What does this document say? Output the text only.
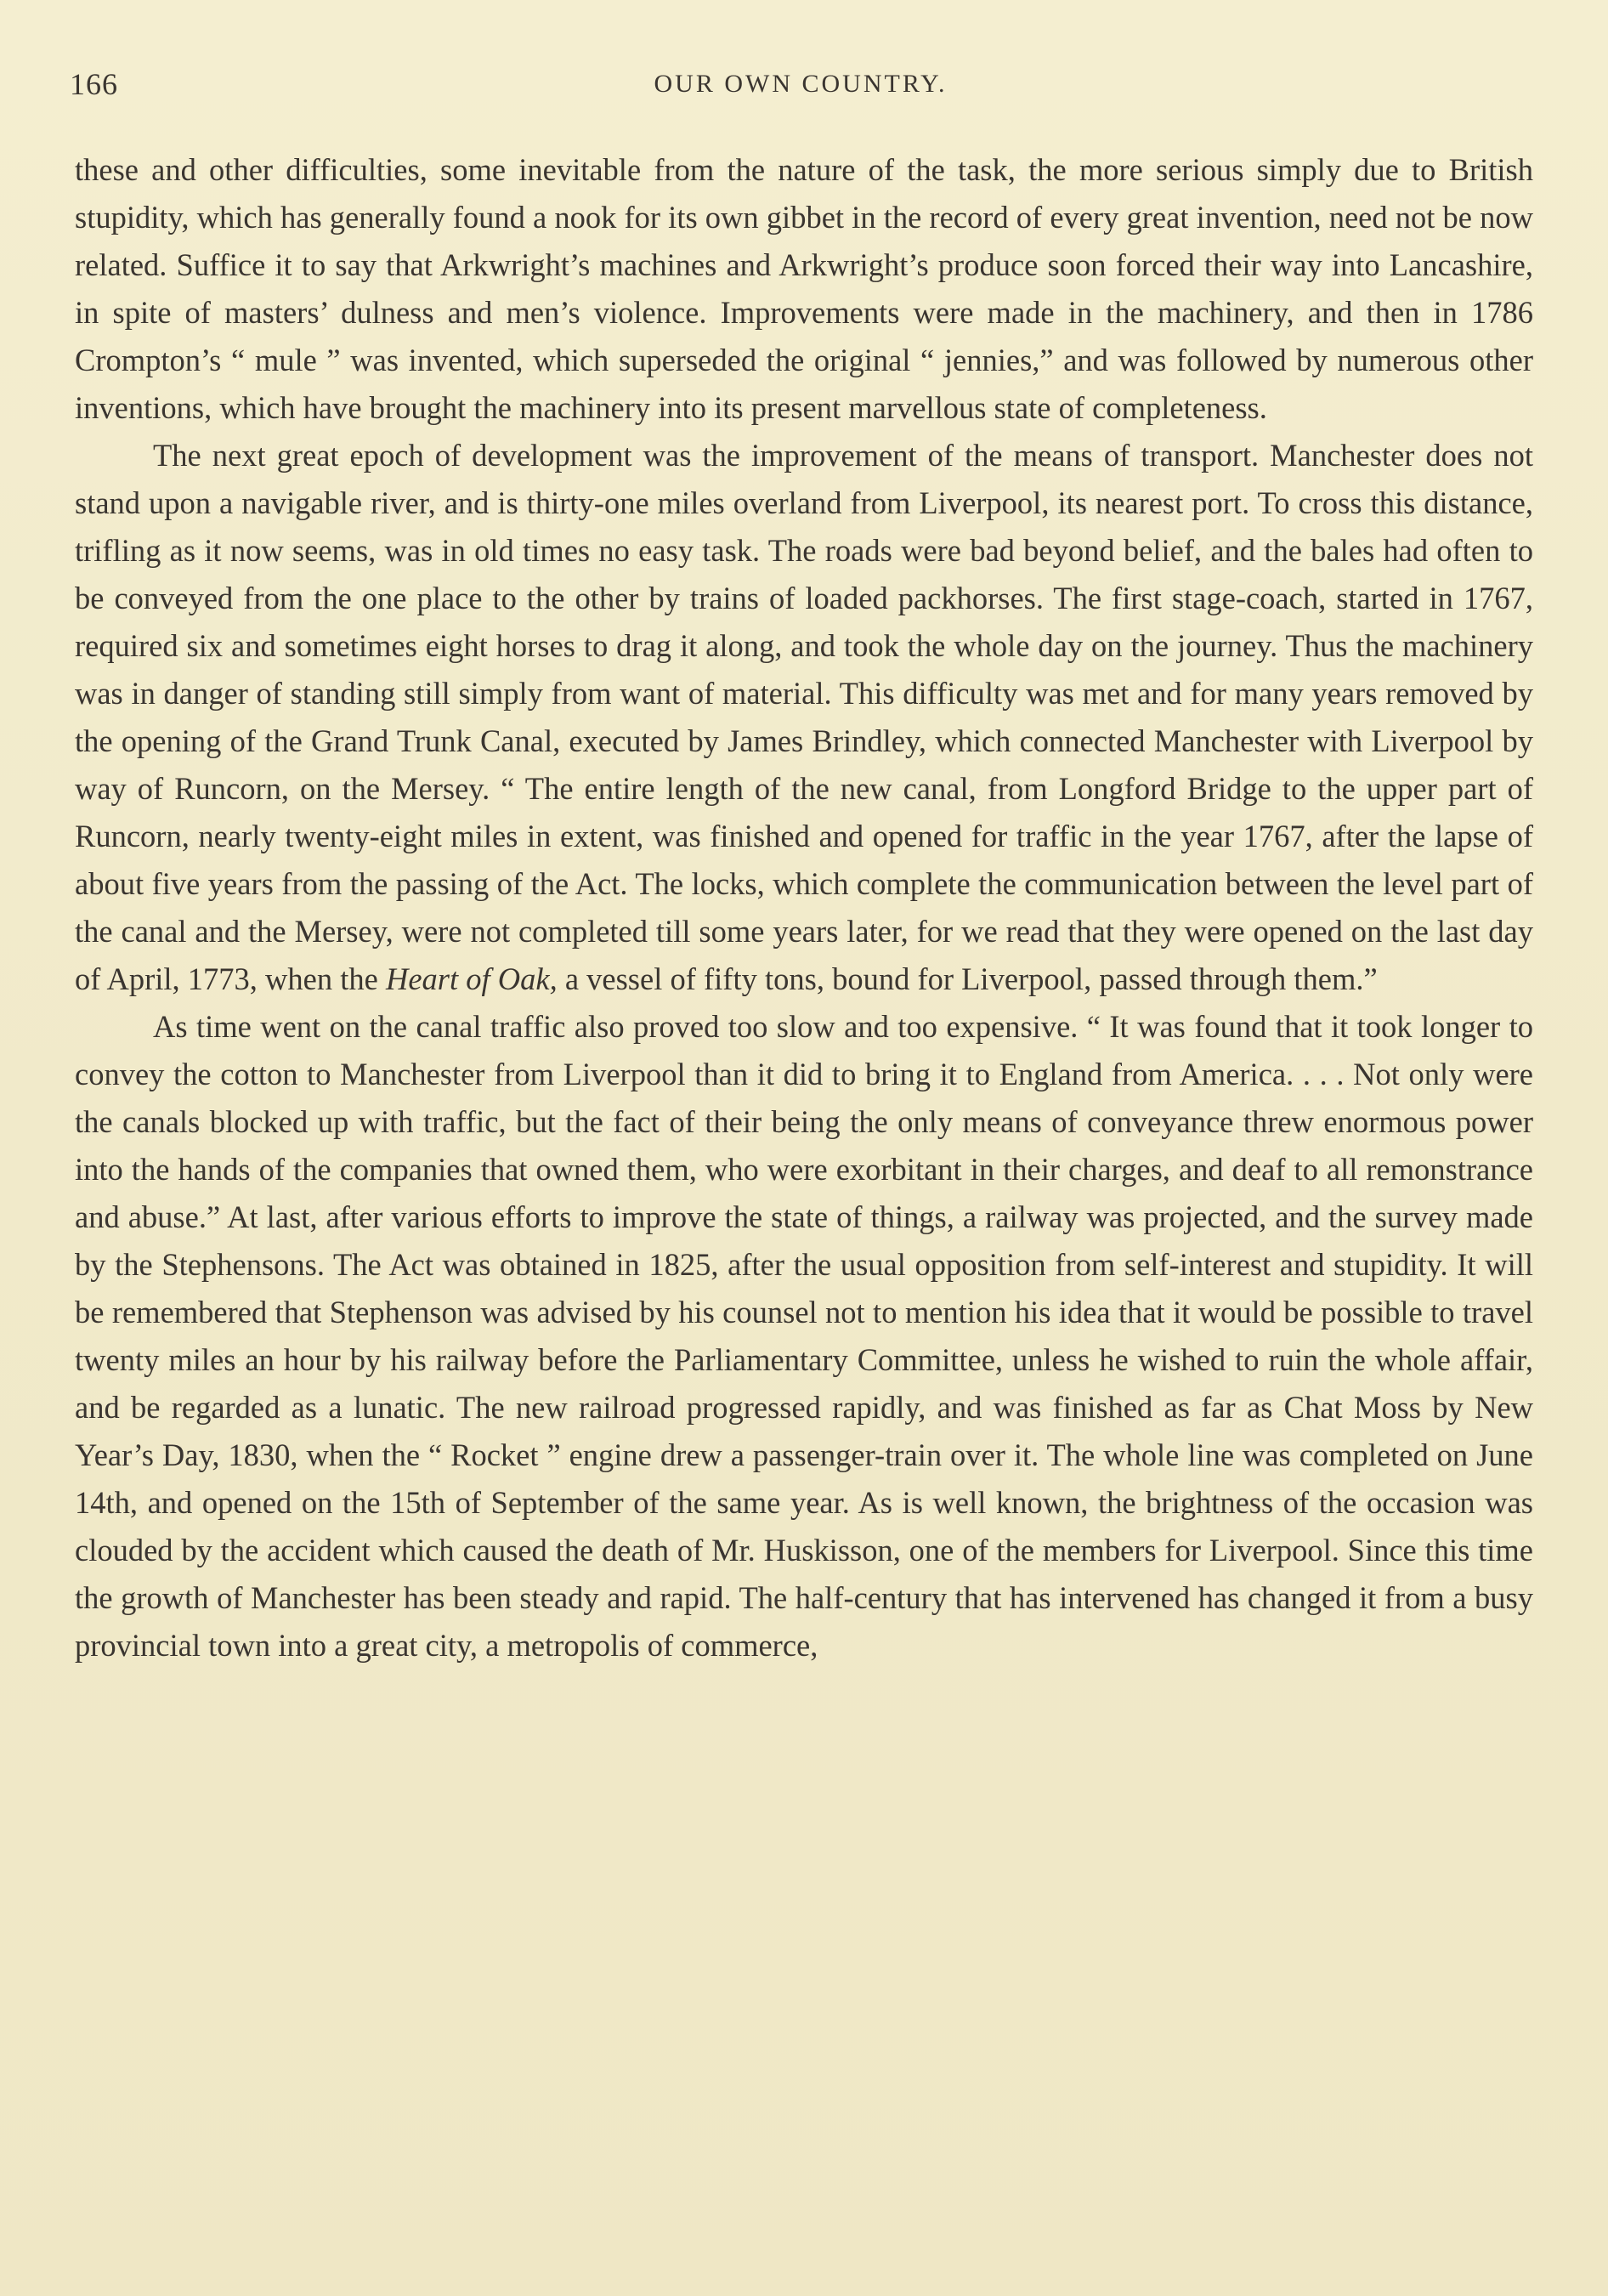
166	OUR OWN COUNTRY.

these and other difficulties, some inevitable from the nature of the task, the more serious simply due to British stupidity, which has generally found a nook for its own gibbet in the record of every great invention, need not be now related. Suffice it to say that Arkwright’s machines and Arkwright’s produce soon forced their way into Lancashire, in spite of masters’ dulness and men’s violence. Improvements were made in the machinery, and then in 1786 Crompton’s “ mule ” was invented, which superseded the original “ jennies,” and was followed by numerous other inventions, which have brought the machinery into its present marvellous state of completeness.

The next great epoch of development was the improvement of the means of transport. Manchester does not stand upon a navigable river, and is thirty-one miles overland from Liverpool, its nearest port. To cross this distance, trifling as it now seems, was in old times no easy task. The roads were bad beyond belief, and the bales had often to be conveyed from the one place to the other by trains of loaded packhorses. The first stage-coach, started in 1767, required six and sometimes eight horses to drag it along, and took the whole day on the journey. Thus the machinery was in danger of standing still simply from want of material. This difficulty was met and for many years removed by the opening of the Grand Trunk Canal, executed by James Brindley, which connected Manchester with Liverpool by way of Runcorn, on the Mersey. “ The entire length of the new canal, from Longford Bridge to the upper part of Runcorn, nearly twenty-eight miles in extent, was finished and opened for traffic in the year 1767, after the lapse of about five years from the passing of the Act. The locks, which complete the communication between the level part of the canal and the Mersey, were not completed till some years later, for we read that they were opened on the last day of April, 1773, when the Heart of Oak, a vessel of fifty tons, bound for Liverpool, passed through them.”

As time went on the canal traffic also proved too slow and too expensive. “ It was found that it took longer to convey the cotton to Manchester from Liverpool than it did to bring it to England from America. . . . Not only were the canals blocked up with traffic, but the fact of their being the only means of conveyance threw enormous power into the hands of the companies that owned them, who were exorbitant in their charges, and deaf to all remonstrance and abuse.” At last, after various efforts to improve the state of things, a railway was projected, and the survey made by the Stephensons. The Act was obtained in 1825, after the usual opposition from self-interest and stupidity. It will be remembered that Stephenson was advised by his counsel not to mention his idea that it would be possible to travel twenty miles an hour by his railway before the Parliamentary Committee, unless he wished to ruin the whole affair, and be regarded as a lunatic. The new railroad progressed rapidly, and was finished as far as Chat Moss by New Year’s Day, 1830, when the “ Rocket ” engine drew a passenger-train over it. The whole line was completed on June 14th, and opened on the 15th of September of the same year. As is well known, the brightness of the occasion was clouded by the accident which caused the death of Mr. Huskisson, one of the members for Liverpool. Since this time the growth of Manchester has been steady and rapid. The half-century that has intervened has changed it from a busy provincial town into a great city, a metropolis of commerce,
